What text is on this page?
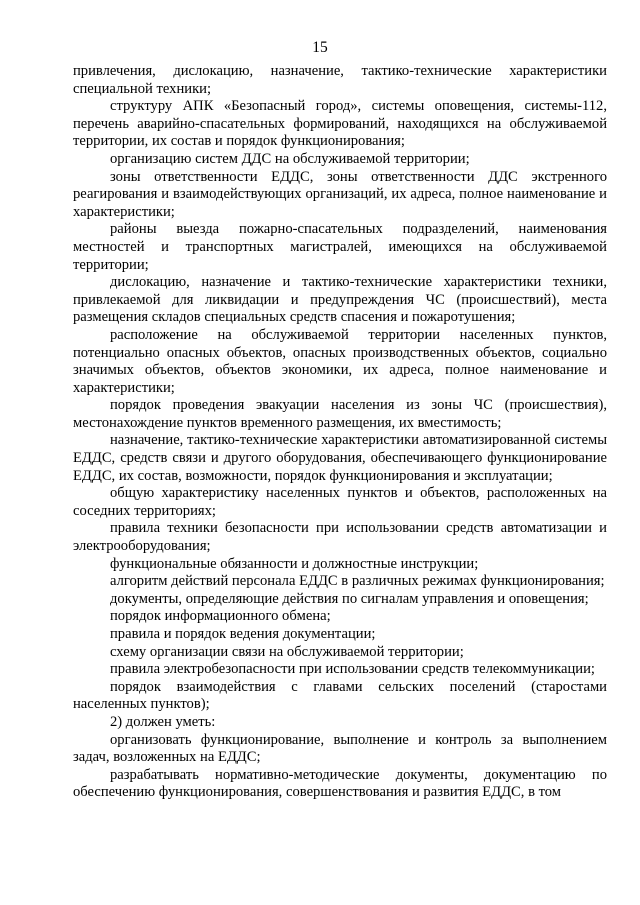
15

привлечения, дислокацию, назначение, тактико-технические характеристики специальной техники;

структуру АПК «Безопасный город», системы оповещения, системы-112, перечень аварийно-спасательных формирований, находящихся на обслуживаемой территории, их состав и порядок функционирования;

организацию систем ДДС на обслуживаемой территории;

зоны ответственности ЕДДС, зоны ответственности ДДС экстренного реагирования и взаимодействующих организаций, их адреса, полное наименование и характеристики;

районы выезда пожарно-спасательных подразделений, наименования местностей и транспортных магистралей, имеющихся на обслуживаемой территории;

дислокацию, назначение и тактико-технические характеристики техники, привлекаемой для ликвидации и предупреждения ЧС (происшествий), места размещения складов специальных средств спасения и пожаротушения;

расположение на обслуживаемой территории населенных пунктов, потенциально опасных объектов, опасных производственных объектов, социально значимых объектов, объектов экономики, их адреса, полное наименование и характеристики;

порядок проведения эвакуации населения из зоны ЧС (происшествия), местонахождение пунктов временного размещения, их вместимость;

назначение, тактико-технические характеристики автоматизированной системы ЕДДС, средств связи и другого оборудования, обеспечивающего функционирование ЕДДС, их состав, возможности, порядок функционирования и эксплуатации;

общую характеристику населенных пунктов и объектов, расположенных на соседних территориях;

правила техники безопасности при использовании средств автоматизации и электрооборудования;

функциональные обязанности и должностные инструкции;

алгоритм действий персонала ЕДДС в различных режимах функционирования;

документы, определяющие действия по сигналам управления и оповещения;

порядок информационного обмена;

правила и порядок ведения документации;

схему организации связи на обслуживаемой территории;

правила электробезопасности при использовании средств телекоммуникации;

порядок взаимодействия с главами сельских поселений (старостами населенных пунктов);

2) должен уметь:

организовать функционирование, выполнение и контроль за выполнением задач, возложенных на ЕДДС;

разрабатывать нормативно-методические документы, документацию по обеспечению функционирования, совершенствования и развития ЕДДС, в том
